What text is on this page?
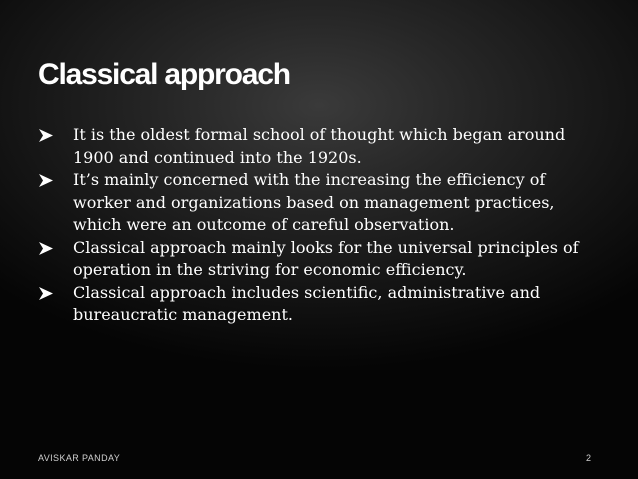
Classical approach
It is the oldest formal school of thought which began around 1900 and continued into the 1920s.
It’s mainly concerned with the increasing the efficiency of worker and organizations based on management practices, which were an outcome of careful observation.
Classical approach mainly looks for the universal principles of operation in the striving for economic efficiency.
Classical approach includes scientific, administrative and bureaucratic management.
AVISKAR PANDAY	2
